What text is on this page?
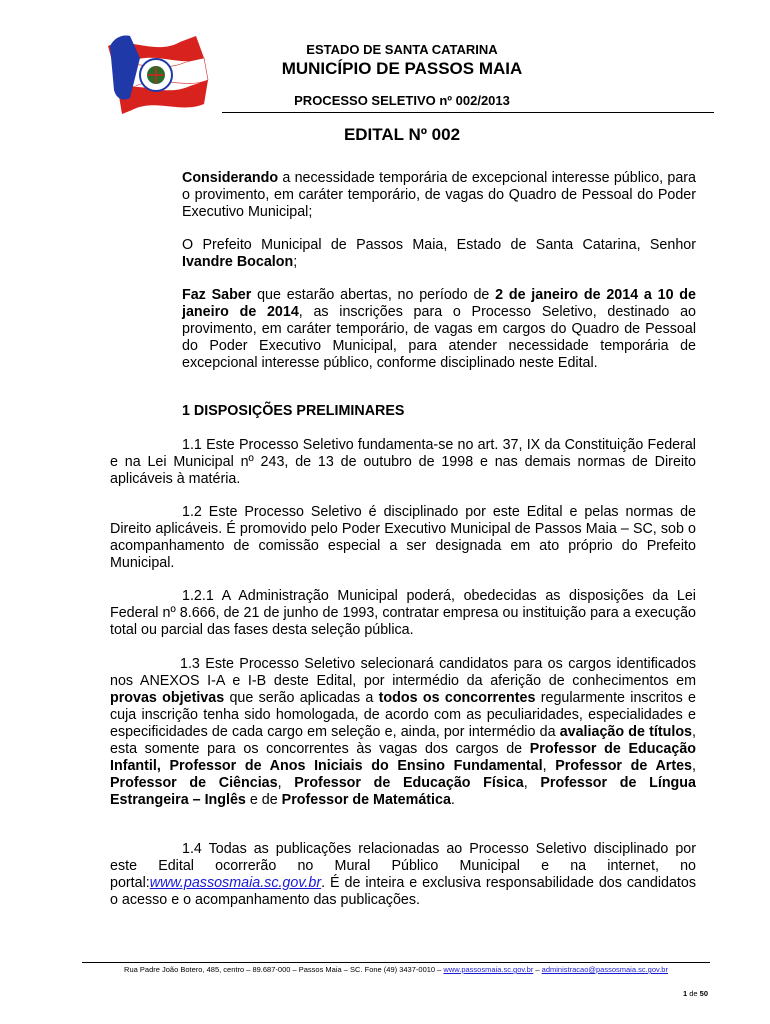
ESTADO DE SANTA CATARINA
MUNICÍPIO DE PASSOS MAIA
PROCESSO SELETIVO nº 002/2013
EDITAL Nº 002
Considerando a necessidade temporária de excepcional interesse público, para o provimento, em caráter temporário, de vagas do Quadro de Pessoal do Poder Executivo Municipal;
O Prefeito Municipal de Passos Maia, Estado de Santa Catarina, Senhor Ivandre Bocalon;
Faz Saber que estarão abertas, no período de 2 de janeiro de 2014 a 10 de janeiro de 2014, as inscrições para o Processo Seletivo, destinado ao provimento, em caráter temporário, de vagas em cargos do Quadro de Pessoal do Poder Executivo Municipal, para atender necessidade temporária de excepcional interesse público, conforme disciplinado neste Edital.
1 DISPOSIÇÕES PRELIMINARES
1.1 Este Processo Seletivo fundamenta-se no art. 37, IX da Constituição Federal e na Lei Municipal nº 243, de 13 de outubro de 1998 e nas demais normas de Direito aplicáveis à matéria.
1.2 Este Processo Seletivo é disciplinado por este Edital e pelas normas de Direito aplicáveis. É promovido pelo Poder Executivo Municipal de Passos Maia – SC, sob o acompanhamento de comissão especial a ser designada em ato próprio do Prefeito Municipal.
1.2.1 A Administração Municipal poderá, obedecidas as disposições da Lei Federal nº 8.666, de 21 de junho de 1993, contratar empresa ou instituição para a execução total ou parcial das fases desta seleção pública.
1.3 Este Processo Seletivo selecionará candidatos para os cargos identificados nos ANEXOS I-A e I-B deste Edital, por intermédio da aferição de conhecimentos em provas objetivas que serão aplicadas a todos os concorrentes regularmente inscritos e cuja inscrição tenha sido homologada, de acordo com as peculiaridades, especialidades e especificidades de cada cargo em seleção e, ainda, por intermédio da avaliação de títulos, esta somente para os concorrentes às vagas dos cargos de Professor de Educação Infantil, Professor de Anos Iniciais do Ensino Fundamental, Professor de Artes, Professor de Ciências, Professor de Educação Física, Professor de Língua Estrangeira – Inglês e de Professor de Matemática.
1.4 Todas as publicações relacionadas ao Processo Seletivo disciplinado por este Edital ocorrerão no Mural Público Municipal e na internet, no portal:www.passosmaia.sc.gov.br. É de inteira e exclusiva responsabilidade dos candidatos o acesso e o acompanhamento das publicações.
Rua Padre João Botero, 485, centro – 89.687-000 – Passos Maia – SC. Fone (49) 3437-0010 – www.passosmaia.sc.gov.br – administracao@passosmaia.sc.gov.br
1 de 50
